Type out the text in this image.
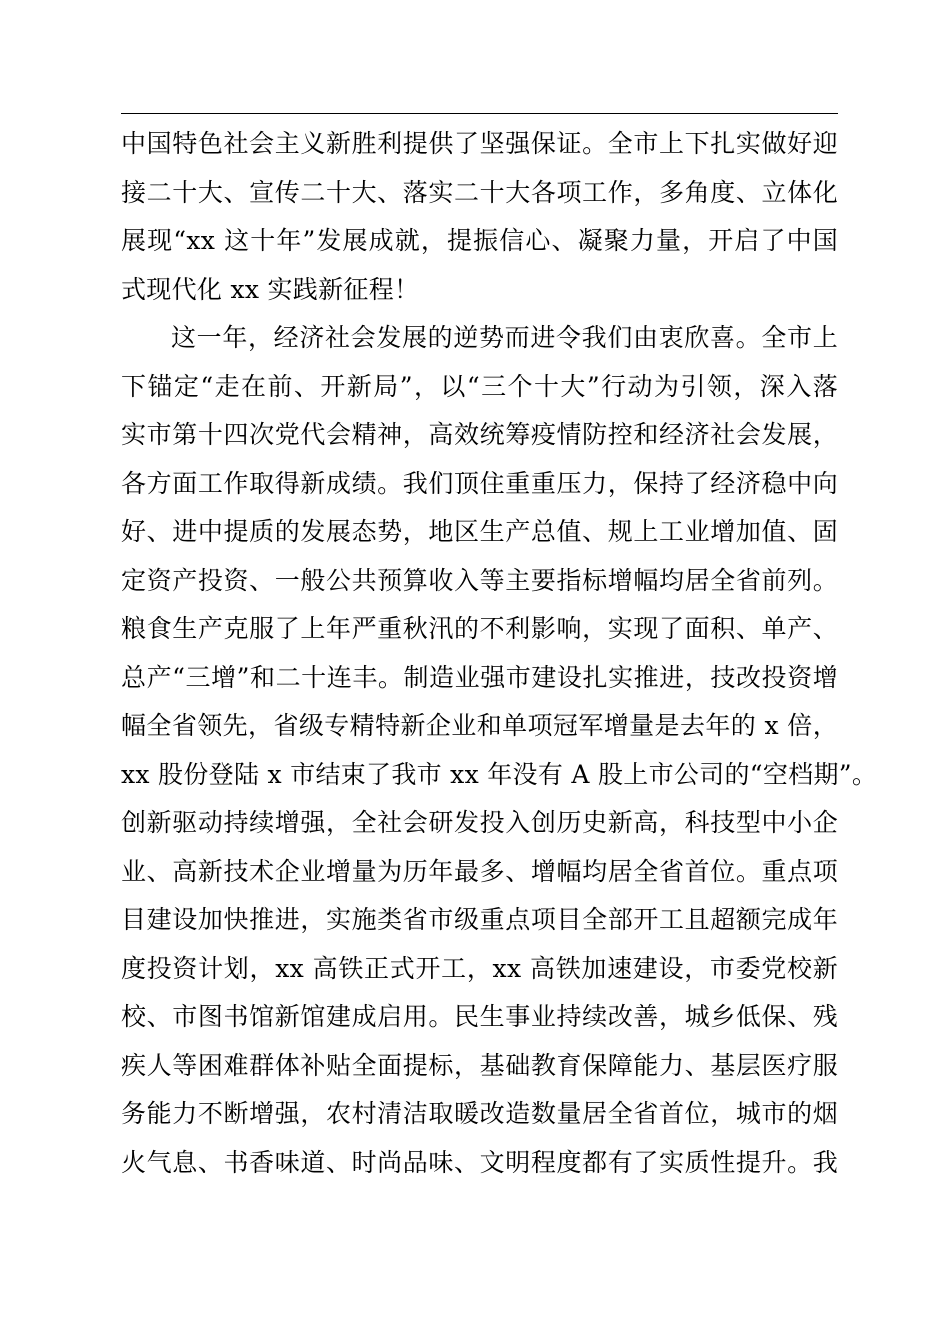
中国特色社会主义新胜利提供了坚强保证。全市上下扎实做好迎
接二十大、宣传二十大、落实二十大各项工作，多角度、立体化
展现“xx 这十年”发展成就，提振信心、凝聚力量，开启了中国
式现代化 xx 实践新征程！
这一年，经济社会发展的逆势而进令我们由衷欣喜。全市上
下锚定“走在前、开新局”，以“三个十大”行动为引领，深入落
实市第十四次党代会精神，高效统筹疫情防控和经济社会发展，
各方面工作取得新成绩。我们顶住重重压力，保持了经济稳中向
好、进中提质的发展态势，地区生产总值、规上工业增加值、固
定资产投资、一般公共预算收入等主要指标增幅均居全省前列。
粮食生产克服了上年严重秋汛的不利影响，实现了面积、单产、
总产“三增”和二十连丰。制造业强市建设扎实推进，技改投资增
幅全省领先，省级专精特新企业和单项冠军增量是去年的 x 倍，
xx 股份登陆 x 市结束了我市 xx 年没有 A 股上市公司的“空档期”。
创新驱动持续增强，全社会研发投入创历史新高，科技型中小企
业、高新技术企业增量为历年最多、增幅均居全省首位。重点项
目建设加快推进，实施类省市级重点项目全部开工且超额完成年
度投资计划，xx 高铁正式开工，xx 高铁加速建设，市委党校新
校、市图书馆新馆建成启用。民生事业持续改善，城乡低保、残
疾人等困难群体补贴全面提标，基础教育保障能力、基层医疗服
务能力不断增强，农村清洁取暖改造数量居全省首位，城市的烟
火气息、书香味道、时尚品味、文明程度都有了实质性提升。我
